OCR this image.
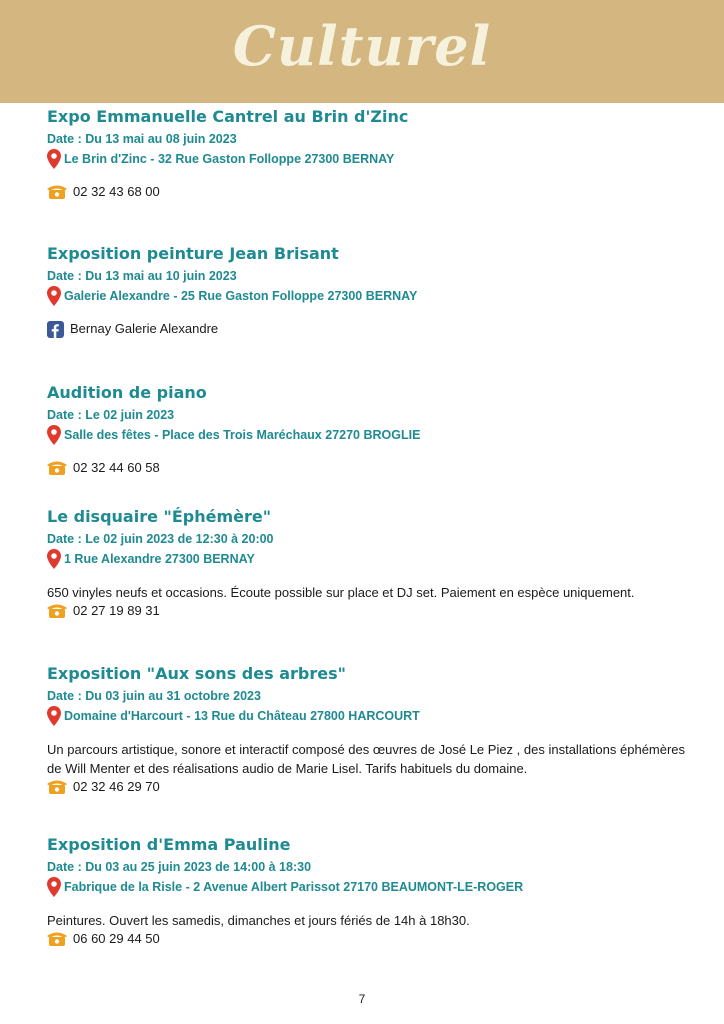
Culturel
Expo Emmanuelle Cantrel au Brin d'Zinc
Date : Du 13 mai au 08 juin 2023
Le Brin d'Zinc - 32 Rue Gaston Folloppe 27300 BERNAY
02 32 43 68 00
Exposition peinture Jean Brisant
Date : Du 13 mai au 10 juin 2023
Galerie Alexandre - 25 Rue Gaston Folloppe 27300 BERNAY
Bernay Galerie Alexandre
Audition de piano
Date : Le 02 juin 2023
Salle des fêtes - Place des Trois Maréchaux 27270 BROGLIE
02 32 44 60 58
Le disquaire "Éphémère"
Date : Le 02 juin 2023 de 12:30 à 20:00
1 Rue Alexandre 27300 BERNAY
650 vinyles neufs et occasions. Écoute possible sur place et DJ set. Paiement en espèce uniquement.
02 27 19 89 31
Exposition "Aux sons des arbres"
Date : Du 03 juin au 31 octobre 2023
Domaine d'Harcourt - 13 Rue du Château 27800 HARCOURT
Un parcours artistique, sonore et interactif composé des œuvres de José Le Piez , des installations éphémères de Will Menter et des réalisations audio de Marie Lisel. Tarifs habituels du domaine.
02 32 46 29 70
Exposition d'Emma Pauline
Date : Du 03 au 25 juin 2023 de 14:00 à 18:30
Fabrique de la Risle - 2 Avenue Albert Parissot 27170 BEAUMONT-LE-ROGER
Peintures. Ouvert les samedis, dimanches et jours fériés de 14h à 18h30.
06 60 29 44 50
7
